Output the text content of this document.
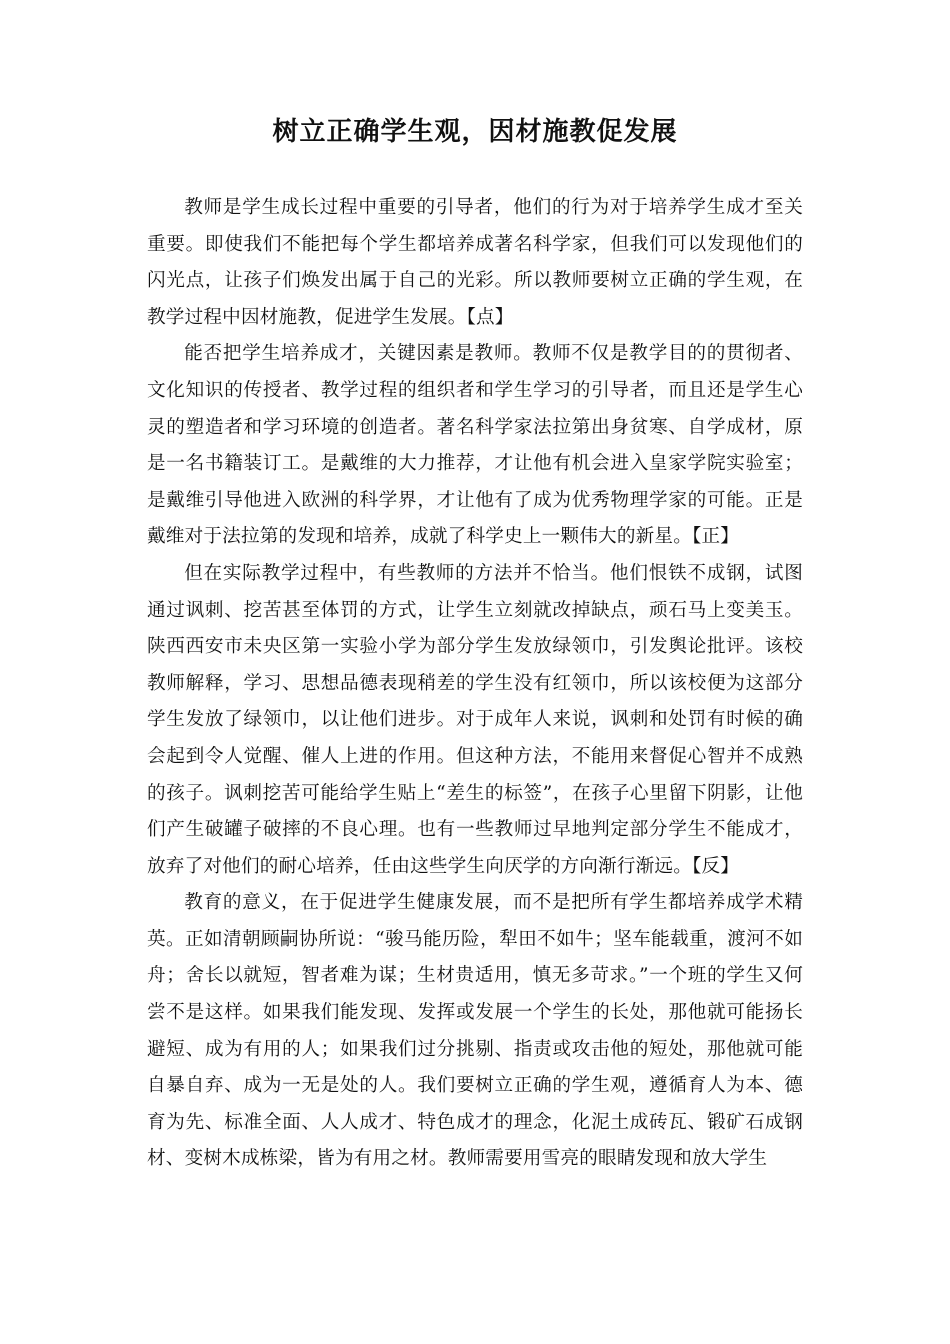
树立正确学生观，因材施教促发展

教师是学生成长过程中重要的引导者，他们的行为对于培养学生成才至关重要。即使我们不能把每个学生都培养成著名科学家，但我们可以发现他们的闪光点，让孩子们焕发出属于自己的光彩。所以教师要树立正确的学生观，在教学过程中因材施教，促进学生发展。【点】

能否把学生培养成才，关键因素是教师。教师不仅是教学目的的贯彻者、文化知识的传授者、教学过程的组织者和学生学习的引导者，而且还是学生心灵的塑造者和学习环境的创造者。著名科学家法拉第出身贫寒、自学成材，原是一名书籍装订工。是戴维的大力推荐，才让他有机会进入皇家学院实验室；是戴维引导他进入欧洲的科学界，才让他有了成为优秀物理学家的可能。正是戴维对于法拉第的发现和培养，成就了科学史上一颗伟大的新星。【正】

但在实际教学过程中，有些教师的方法并不恰当。他们恨铁不成钢，试图通过讽刺、挖苦甚至体罚的方式，让学生立刻就改掉缺点，顽石马上变美玉。陕西西安市未央区第一实验小学为部分学生发放绿领巾，引发舆论批评。该校教师解释，学习、思想品德表现稍差的学生没有红领巾，所以该校便为这部分学生发放了绿领巾，以让他们进步。对于成年人来说，讽刺和处罚有时候的确会起到令人觉醒、催人上进的作用。但这种方法，不能用来督促心智并不成熟的孩子。讽刺挖苦可能给学生贴上“差生的标签”，在孩子心里留下阴影，让他们产生破罐子破摔的不良心理。也有一些教师过早地判定部分学生不能成才，放弃了对他们的耐心培养，任由这些学生向厌学的方向渐行渐远。【反】

教育的意义，在于促进学生健康发展，而不是把所有学生都培养成学术精英。正如清朝顾嗣协所说：“骏马能历险，犁田不如牛；坚车能载重，渡河不如舟；舍长以就短，智者难为谋；生材贵适用，慎无多苛求。”一个班的学生又何尝不是这样。如果我们能发现、发挥或发展一个学生的长处，那他就可能扬长避短、成为有用的人；如果我们过分挑剔、指责或攻击他的短处，那他就可能自暴自弃、成为一无是处的人。我们要树立正确的学生观，遵循育人为本、德育为先、标准全面、人人成才、特色成才的理念，化泥土成砖瓦、锻矿石成钢材、变树木成栋梁，皆为有用之材。教师需要用雪亮的眼睛发现和放大学生
